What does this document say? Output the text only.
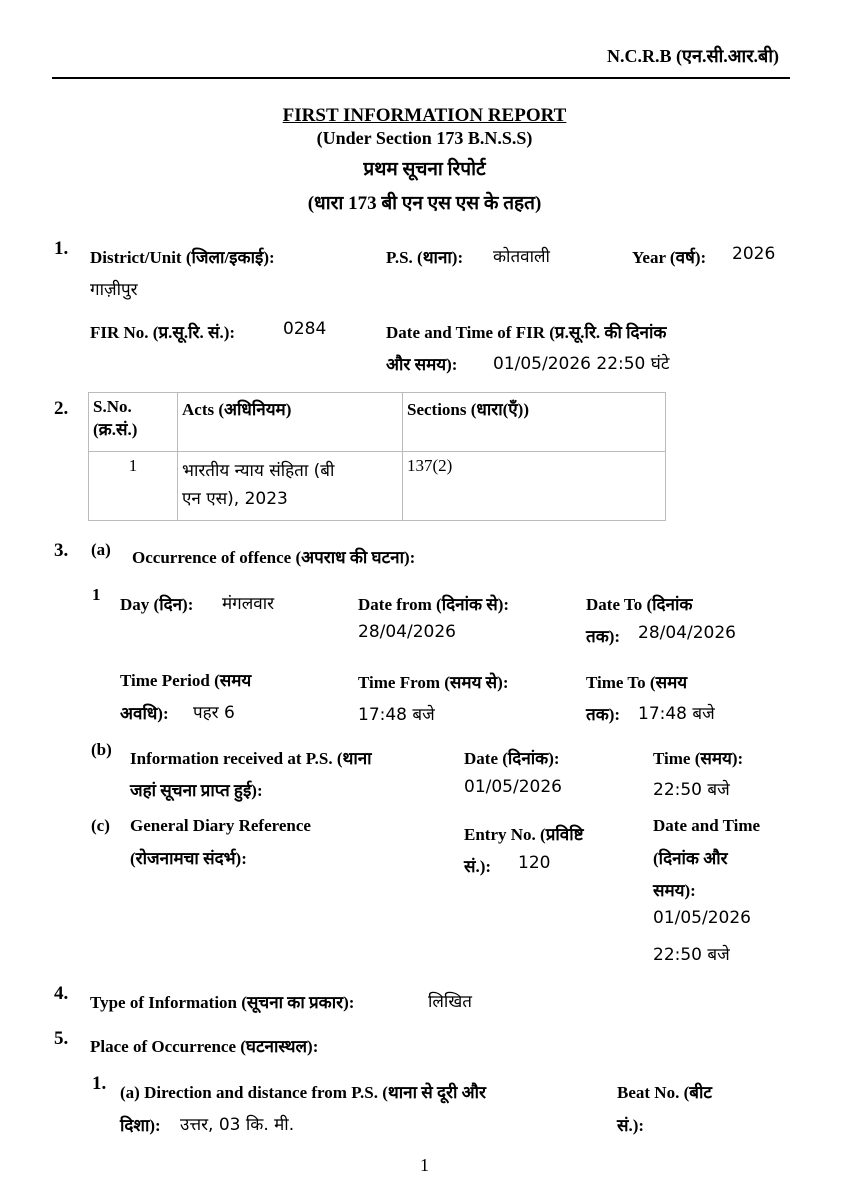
N.C.R.B (एन.सी.आर.बी)
FIRST INFORMATION REPORT
(Under Section 173 B.N.S.S)
प्रथम सूचना रिपोर्ट
(धारा 173 बी एन एस एस के तहत)
1. District/Unit (जिला/इकाई):
गाज़ीपुर
P.S. (थाना): कोतवाली	Year (वर्ष): 2026
FIR No. (प्र.सू.रि. सं.):	0284	Date and Time of FIR (प्र.सू.रि. की दिनांक
और समय): 01/05/2026 22:50 घंटे
2. S.No.
(क्र.सं.)	Acts (अधिनियम)	Sections (धारा(एँ))

1	भारतीय न्याय संहिता (बी
एन एस), 2023	137(2)
3. (a) Occurrence of offence (अपराध की घटना):
1
Day (दिन): मंगलवार	Date from (दिनांक से):
28/04/2026
Date To (दिनांक
तक): 28/04/2026
Time Period (समय
अवधि): पहर 6
Time From (समय से):
17:48 बजे
Time To (समय
तक): 17:48 बजे
(b) Information received at P.S. (थाना
जहां सूचना प्राप्त हुई):
Date (दिनांक):
01/05/2026
Time (समय):
22:50 बजे
(c) General Diary Reference
(रोजनामचा संदर्भ):
Entry No. (प्रविष्टि
सं.): 120
Date and Time
(दिनांक और
समय):
01/05/2026
22:50 बजे
4. Type of Information (सूचना का प्रकार):	लिखित
5. Place of Occurrence (घटनास्थल):
1. (a) Direction and distance from P.S. (थाना से दूरी और
दिशा): उत्तर, 03 कि. मी.
Beat No. (बीट
सं.):
1
